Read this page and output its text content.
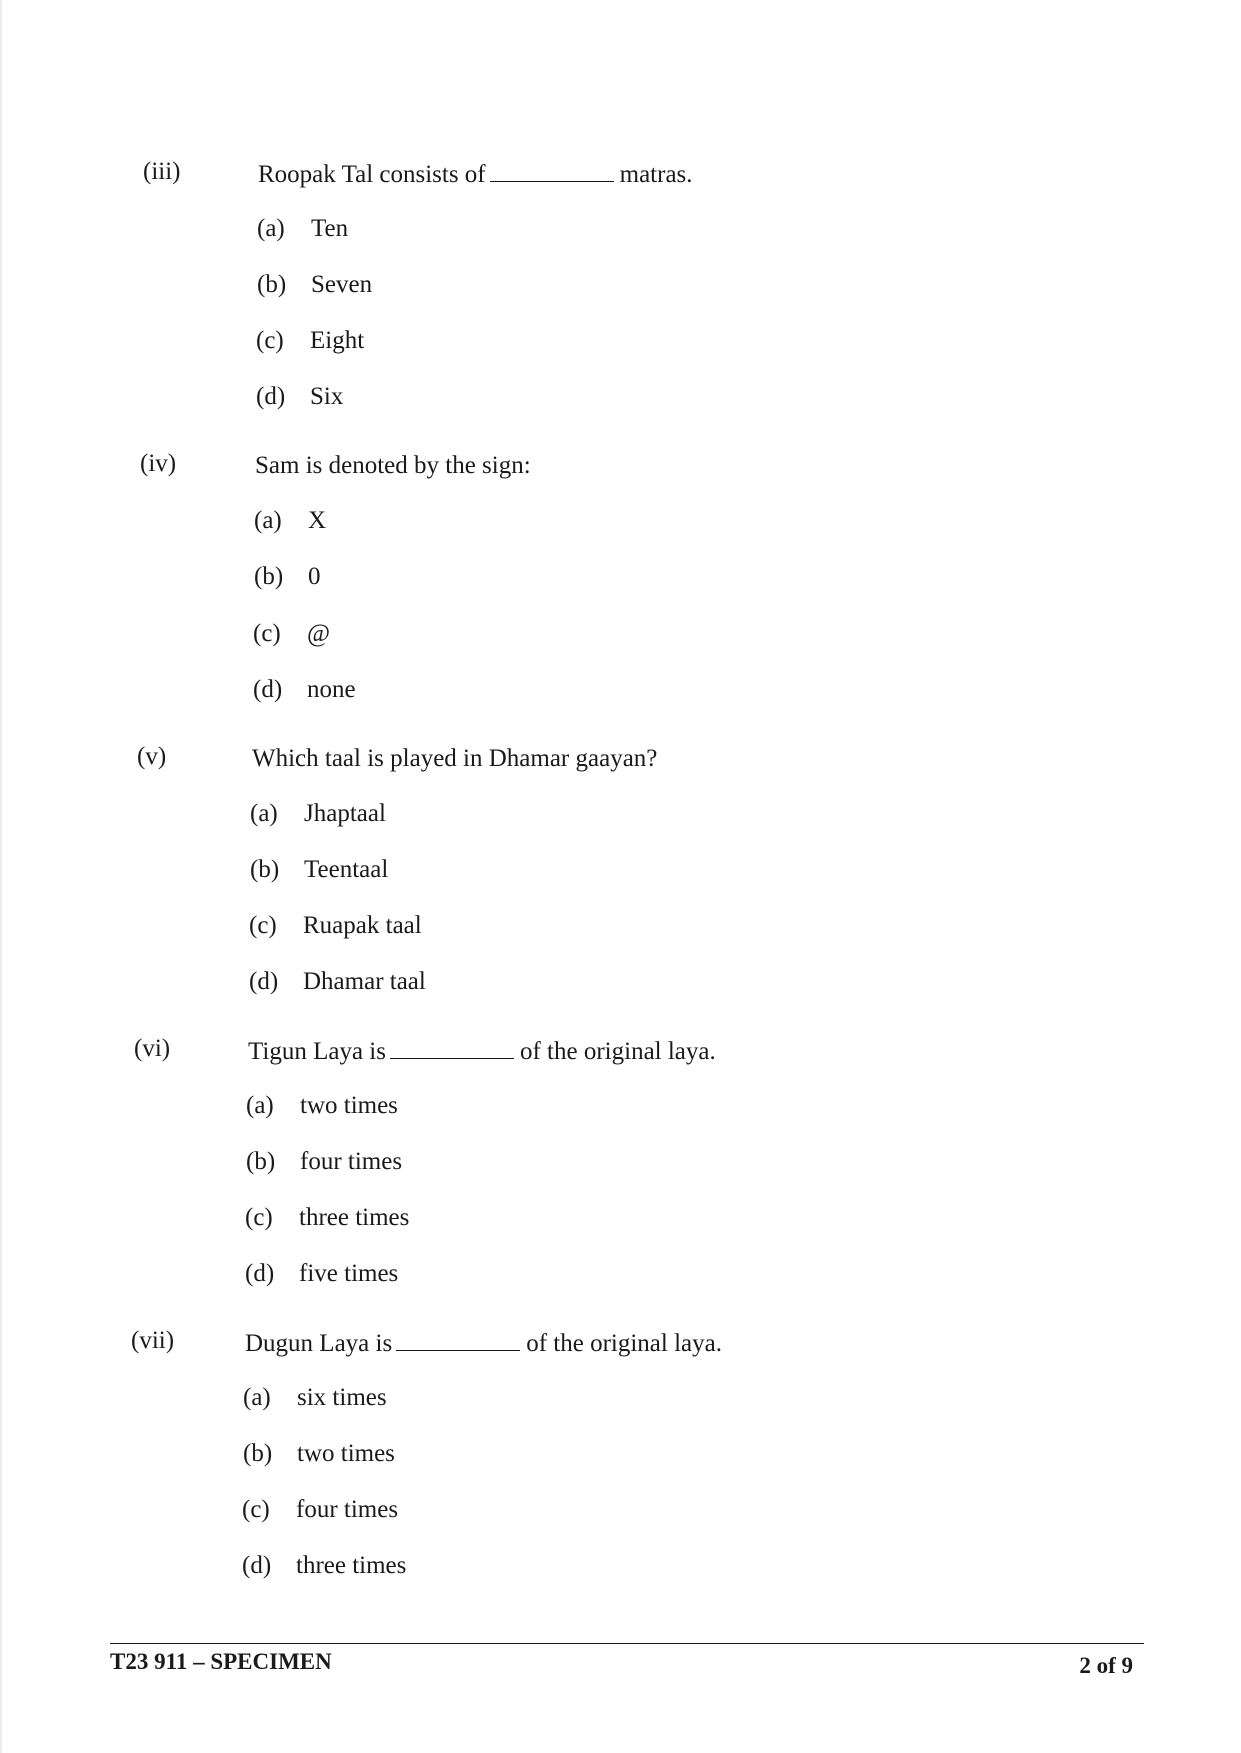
(iii)	Roopak Tal consists of	matras.
(a) Ten
(b) Seven
(c) Eight
(d) Six
(iv)	Sam is denoted by the sign:
(a) X
(b) 0
(c) @
(d) none
(v)	Which taal is played in Dhamar gaayan?
(a) Jhaptaal
(b) Teentaal
(c) Ruapak taal
(d) Dhamar taal
(vi)	Tigun Laya is	of the original laya.
(a) two times
(b) four times
(c) three times
(d) five times
(vii)	Dugun Laya is	of the original laya.
(a) six times
(b) two times
(c) four times
(d) three times
T23 911 – SPECIMEN	2 of 9
